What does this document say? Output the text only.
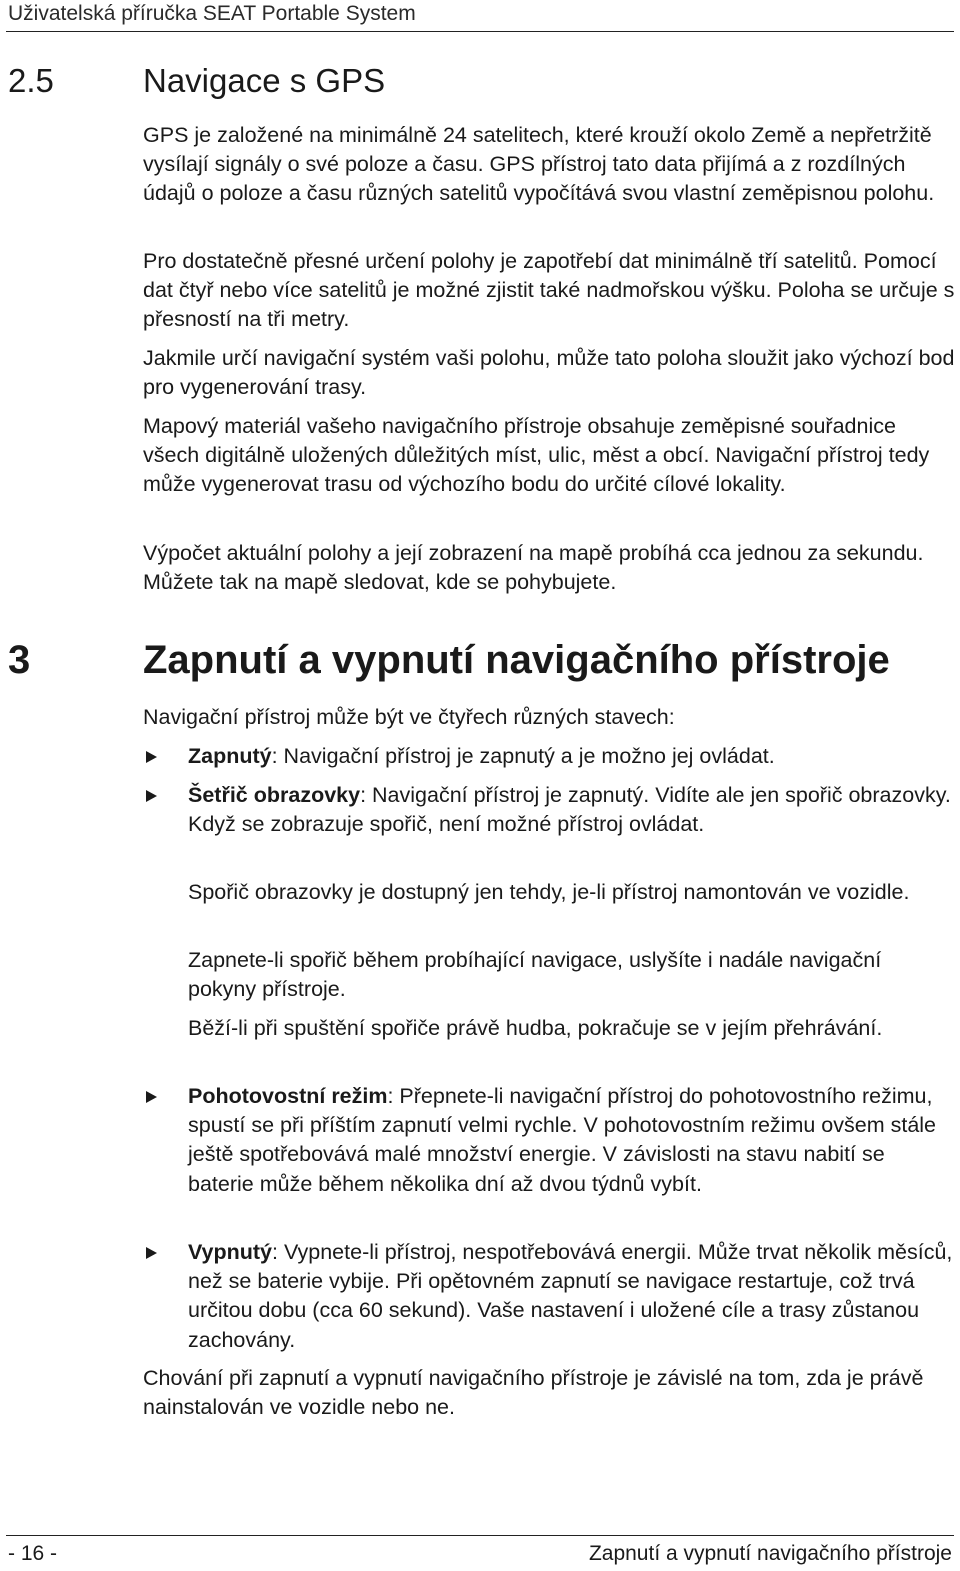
Uživatelská příručka SEAT Portable System
2.5	Navigace s GPS

GPS je založené na minimálně 24 satelitech, které krouží okolo Země a nepřetržitě vysílají signály o své poloze a času. GPS přístroj tato data přijímá a z rozdílných údajů o poloze a času různých satelitů vypočítává svou vlastní zeměpisnou polohu.

Pro dostatečně přesné určení polohy je zapotřebí dat minimálně tří satelitů. Pomocí dat čtyř nebo více satelitů je možné zjistit také nadmořskou výšku. Poloha se určuje s přesností na tři metry.

Jakmile určí navigační systém vaši polohu, může tato poloha sloužit jako výchozí bod pro vygenerování trasy.

Mapový materiál vašeho navigačního přístroje obsahuje zeměpisné souřadnice všech digitálně uložených důležitých míst, ulic, měst a obcí. Navigační přístroj tedy může vygenerovat trasu od výchozího bodu do určité cílové lokality.

Výpočet aktuální polohy a její zobrazení na mapě probíhá cca jednou za sekundu. Můžete tak na mapě sledovat, kde se pohybujete.

3	Zapnutí a vypnutí navigačního přístroje

Navigační přístroj může být ve čtyřech různých stavech:

Zapnutý: Navigační přístroj je zapnutý a je možno jej ovládat.
Šetřič obrazovky: Navigační přístroj je zapnutý. Vidíte ale jen spořič obrazovky. Když se zobrazuje spořič, není možné přístroj ovládat.

Spořič obrazovky je dostupný jen tehdy, je-li přístroj namontován ve vozidle.

Zapnete-li spořič během probíhající navigace, uslyšíte i nadále navigační pokyny přístroje.

Běží-li při spuštění spořiče právě hudba, pokračuje se v jejím přehrávání.

Pohotovostní režim: Přepnete-li navigační přístroj do pohotovostního režimu, spustí se při příštím zapnutí velmi rychle. V pohotovostním režimu ovšem stále ještě spotřebovává malé množství energie. V závislosti na stavu nabití se baterie může během několika dní až dvou týdnů vybít.
Vypnutý: Vypnete-li přístroj, nespotřebovává energii. Může trvat několik měsíců, než se baterie vybije. Při opětovném zapnutí se navigace restartuje, což trvá určitou dobu (cca 60 sekund). Vaše nastavení i uložené cíle a trasy zůstanou zachovány.

Chování při zapnutí a vypnutí navigačního přístroje je závislé na tom, zda je právě nainstalován ve vozidle nebo ne.

- 16 -	Zapnutí a vypnutí navigačního přístroje
